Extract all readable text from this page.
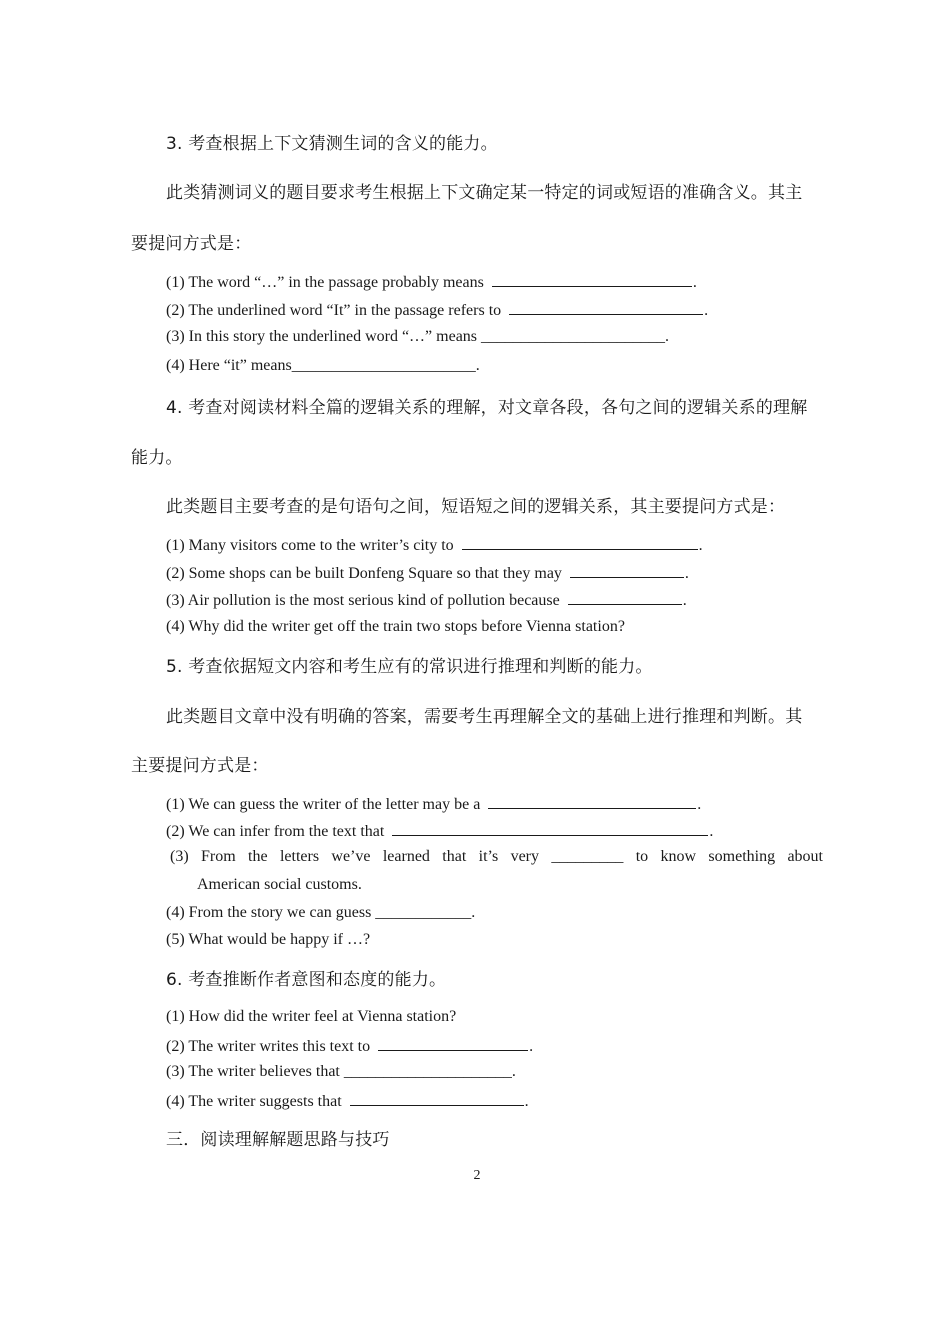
3. 考查根据上下文猜测生词的含义的能力。
此类猜测词义的题目要求考生根据上下文确定某一特定的词或短语的准确含义。其主
要提问方式是：
(1) The word “…” in the passage probably means	.
(2) The underlined word “It” in the passage refers to	.
(3) In this story the underlined word “…” means _______________________.
(4) Here “it” means_______________________.
4. 考查对阅读材料全篇的逻辑关系的理解，对文章各段，各句之间的逻辑关系的理解
能力。
此类题目主要考查的是句语句之间，短语短之间的逻辑关系，其主要提问方式是：
(1) Many visitors come to the writer’s city to	.
(2) Some shops can be built Donfeng Square so that they may	.
(3) Air pollution is the most serious kind of pollution because	.
(4) Why did the writer get off the train two stops before Vienna station?
5. 考查依据短文内容和考生应有的常识进行推理和判断的能力。
此类题目文章中没有明确的答案，需要考生再理解全文的基础上进行推理和判断。其
主要提问方式是：
(1) We can guess the writer of the letter may be a	.
(2) We can infer from the text that	.
(3) From the letters we’ve learned that it’s very _________ to know something about
American social customs.
(4) From the story we can guess ____________.
(5) What would be happy if …?
6. 考查推断作者意图和态度的能力。
(1) How did the writer feel at Vienna station?
(2) The writer writes this text to	.
(3) The writer believes that _____________________.
(4) The writer suggests that	.
三．阅读理解解题思路与技巧
2
